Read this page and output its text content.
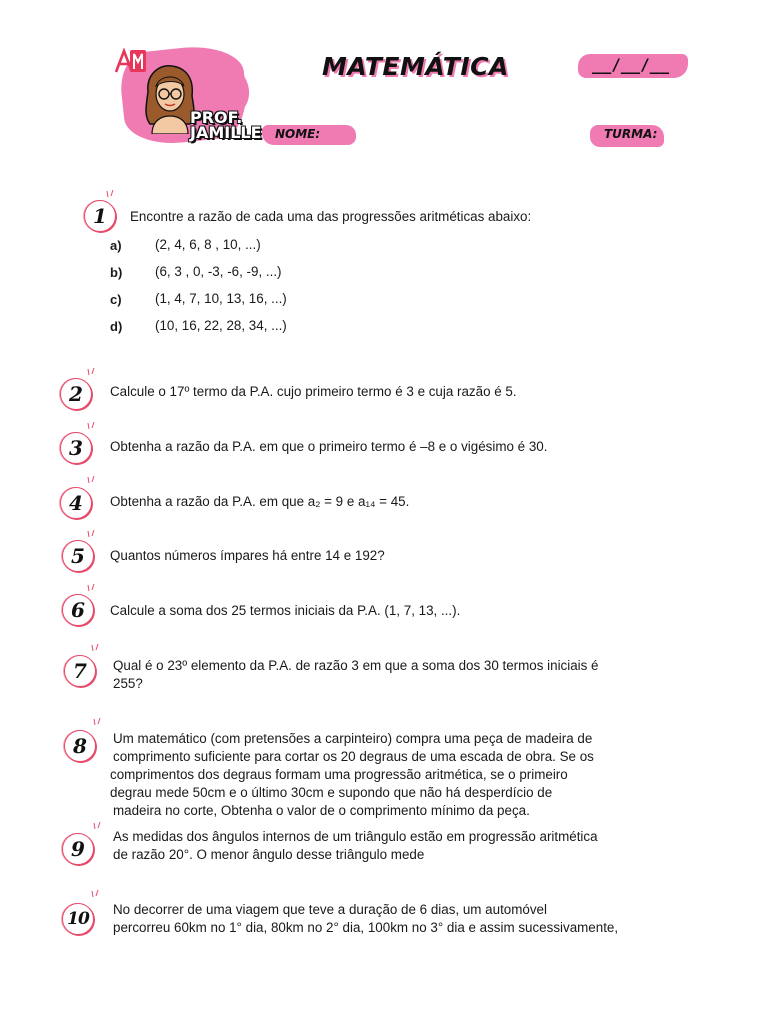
PROF. JAMILLE
MATEMÁTICA	__/__/__
NOME:	TURMA:
1	Encontre a razão de cada uma das progressões aritméticas abaixo:
a) (2, 4, 6, 8 , 10, ...)
b) (6, 3 , 0, -3, -6, -9, ...)
c) (1, 4, 7, 10, 13, 16, ...)
d) (10, 16, 22, 28, 34, ...)
2	Calcule o 17º termo da P.A. cujo primeiro termo é 3 e cuja razão é 5.
3	Obtenha a razão da P.A. em que o primeiro termo é –8 e o vigésimo é 30.
4	Obtenha a razão da P.A. em que a₂ = 9 e a₁₄ = 45.
5	Quantos números ímpares há entre 14 e 192?
6	Calcule a soma dos 25 termos iniciais da P.A. (1, 7, 13, ...).
7	Qual é o 23º elemento da P.A. de razão 3 em que a soma dos 30 termos iniciais é
255?
8	Um matemático (com pretensões a carpinteiro) compra uma peça de madeira de
comprimento suficiente para cortar os 20 degraus de uma escada de obra. Se os
comprimentos dos degraus formam uma progressão aritmética, se o primeiro
degrau mede 50cm e o último 30cm e supondo que não há desperdício de
madeira no corte, Obtenha o valor de o comprimento mínimo da peça.
9
As medidas dos ângulos internos de um triângulo estão em progressão aritmética
de razão 20°. O menor ângulo desse triângulo mede
10	No decorrer de uma viagem que teve a duração de 6 dias, um automóvel
percorreu 60km no 1° dia, 80km no 2° dia, 100km no 3° dia e assim sucessivamente,
